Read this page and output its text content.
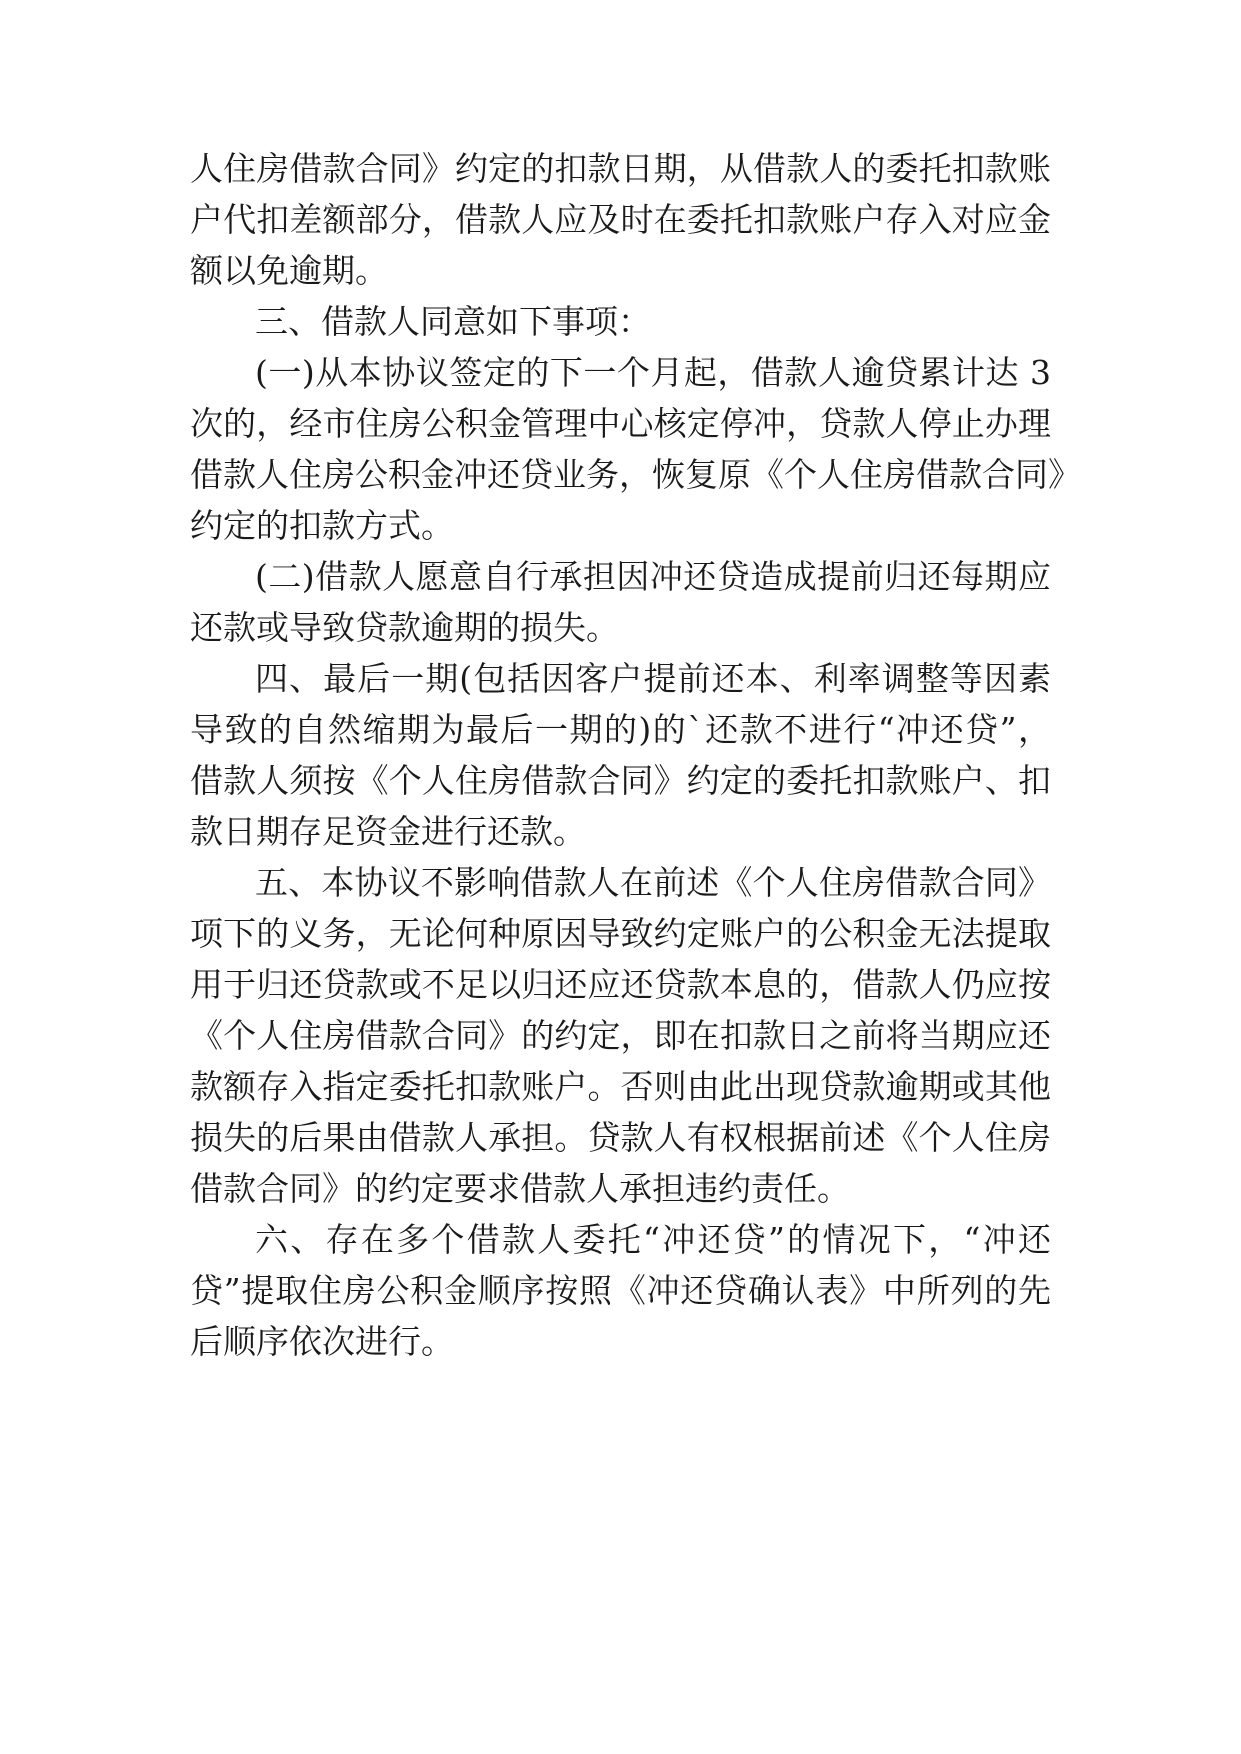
人住房借款合同》约定的扣款日期，从借款人的委托扣款账
户代扣差额部分，借款人应及时在委托扣款账户存入对应金
额以免逾期。
三、借款人同意如下事项：
(一)从本协议签定的下一个月起，借款人逾贷累计达 3
次的，经市住房公积金管理中心核定停冲，贷款人停止办理
借款人住房公积金冲还贷业务，恢复原《个人住房借款合同》
约定的扣款方式。
(二)借款人愿意自行承担因冲还贷造成提前归还每期应
还款或导致贷款逾期的损失。
四、最后一期(包括因客户提前还本、利率调整等因素
导致的自然缩期为最后一期的)的`还款不进行“冲还贷”，
借款人须按《个人住房借款合同》约定的委托扣款账户、扣
款日期存足资金进行还款。
五、本协议不影响借款人在前述《个人住房借款合同》
项下的义务，无论何种原因导致约定账户的公积金无法提取
用于归还贷款或不足以归还应还贷款本息的，借款人仍应按
《个人住房借款合同》的约定，即在扣款日之前将当期应还
款额存入指定委托扣款账户。否则由此出现贷款逾期或其他
损失的后果由借款人承担。贷款人有权根据前述《个人住房
借款合同》的约定要求借款人承担违约责任。
六、存在多个借款人委托“冲还贷”的情况下，“冲还
贷”提取住房公积金顺序按照《冲还贷确认表》中所列的先
后顺序依次进行。
